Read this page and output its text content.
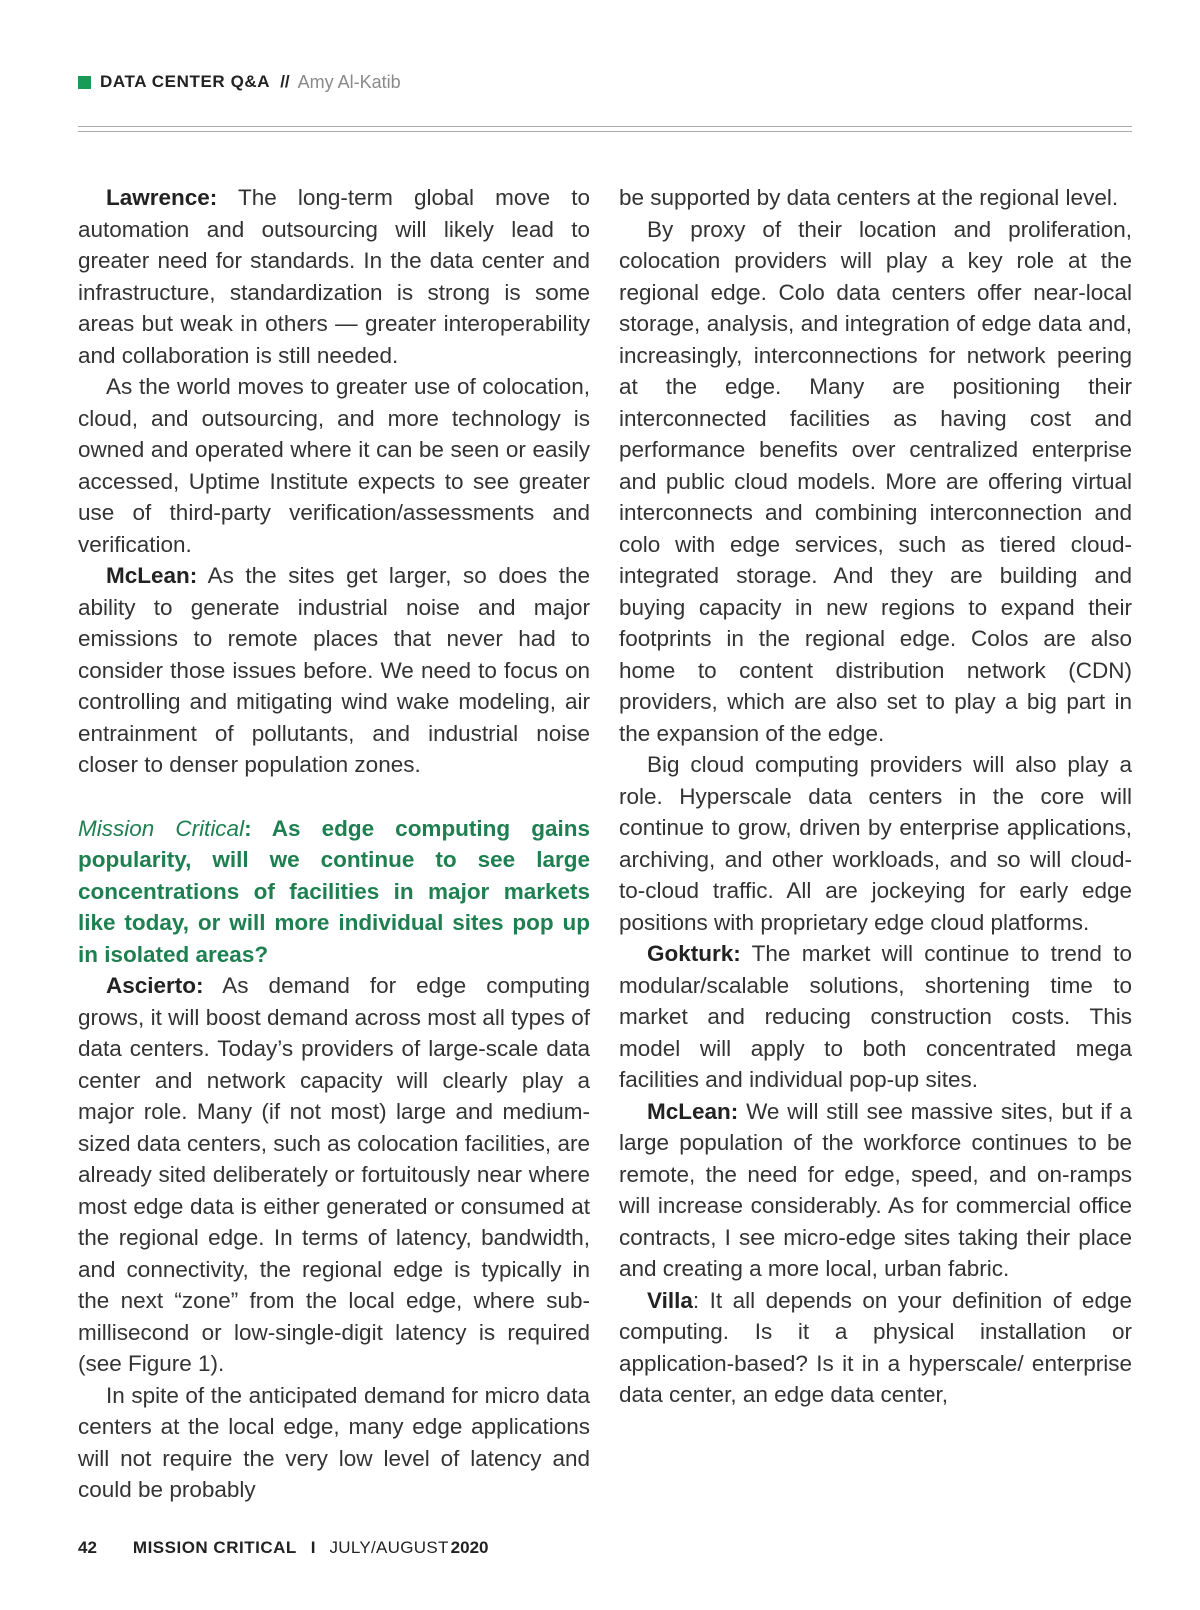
DATA CENTER Q&A // Amy Al-Katib

Lawrence: The long-term global move to automation and outsourcing will likely lead to greater need for standards. In the data center and infrastructure, standardization is strong is some areas but weak in others — greater interoperability and collaboration is still needed.

As the world moves to greater use of colocation, cloud, and outsourcing, and more technology is owned and operated where it can be seen or easily accessed, Uptime Institute expects to see greater use of third-party verification/assessments and verification.

McLean: As the sites get larger, so does the ability to generate industrial noise and major emissions to remote places that never had to consider those issues before. We need to focus on controlling and mitigating wind wake modeling, air entrainment of pollutants, and industrial noise closer to denser population zones.

Mission Critical: As edge computing gains popularity, will we continue to see large concentrations of facilities in major markets like today, or will more individual sites pop up in isolated areas?

Ascierto: As demand for edge computing grows, it will boost demand across most all types of data centers. Today’s providers of large-scale data center and network capacity will clearly play a major role. Many (if not most) large and medium-sized data centers, such as colocation facilities, are already sited deliberately or fortuitously near where most edge data is either generated or consumed at the regional edge. In terms of latency, bandwidth, and connectivity, the regional edge is typically in the next “zone” from the local edge, where sub-millisecond or low-single-digit latency is required (see Figure 1).

In spite of the anticipated demand for micro data centers at the local edge, many edge applications will not require the very low level of latency and could be probably

be supported by data centers at the regional level.

By proxy of their location and proliferation, colocation providers will play a key role at the regional edge. Colo data centers offer near-local storage, analysis, and integration of edge data and, increasingly, interconnections for network peering at the edge. Many are positioning their interconnected facilities as having cost and performance benefits over centralized enterprise and public cloud models. More are offering virtual interconnects and combining interconnection and colo with edge services, such as tiered cloud-integrated storage. And they are building and buying capacity in new regions to expand their footprints in the regional edge. Colos are also home to content distribution network (CDN) providers, which are also set to play a big part in the expansion of the edge.

Big cloud computing providers will also play a role. Hyperscale data centers in the core will continue to grow, driven by enterprise applications, archiving, and other workloads, and so will cloud-to-cloud traffic. All are jockeying for early edge positions with proprietary edge cloud platforms.

Gokturk: The market will continue to trend to modular/scalable solutions, shortening time to market and reducing construction costs. This model will apply to both concentrated mega facilities and individual pop-up sites.

McLean: We will still see massive sites, but if a large population of the workforce continues to be remote, the need for edge, speed, and on-ramps will increase considerably. As for commercial office contracts, I see micro-edge sites taking their place and creating a more local, urban fabric.

Villa: It all depends on your definition of edge computing. Is it a physical installation or application-based? Is it in a hyperscale/ enterprise data center, an edge data center,

42 MISSION CRITICAL I JULY/AUGUST 2020
